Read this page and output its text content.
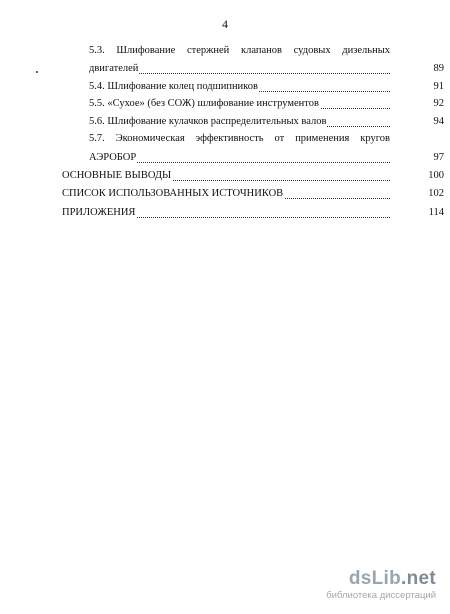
4
5.3. Шлифование стержней клапанов судовых дизельных
двигателей	89
5.4. Шлифование колец подшипников	91
5.5. «Сухое» (без СОЖ) шлифование инструментов	92
5.6. Шлифование кулачков распределительных валов	94
5.7. Экономическая эффективность от применения кругов
АЭРОБОР	97
ОСНОВНЫЕ ВЫВОДЫ	100
СПИСОК ИСПОЛЬЗОВАННЫХ ИСТОЧНИКОВ	102
ПРИЛОЖЕНИЯ	114
dsLib.net
библиотека диссертаций
